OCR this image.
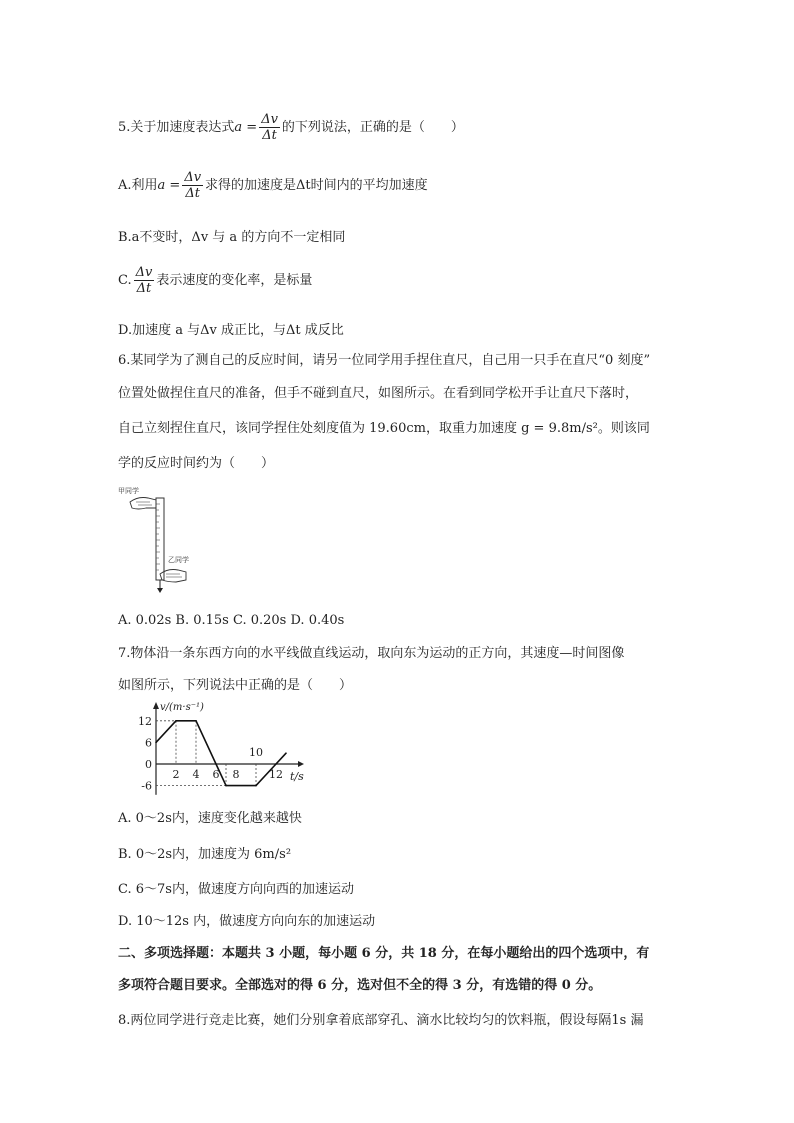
5.关于加速度表达式$a = \frac{\Delta v}{\Delta t}$ 的下列说法，正确的是（　　）
A.利用$a = \frac{\Delta v}{\Delta t}$ 求得的加速度是Δt时间内的平均加速度
B.a不变时，Δv 与 a 的方向不一定相同
C. $\frac{\Delta v}{\Delta t}$ 表示速度的变化率，是标量
D.加速度 a 与Δv 成正比，与Δt 成反比
6.某同学为了测自己的反应时间，请另一位同学用手捏住直尺，自己用一只手在直尺“0 刻度”
位置处做捏住直尺的准备，但手不碰到直尺，如图所示。在看到同学松开手让直尺下落时，
自己立刻捏住直尺，该同学捏住处刻度值为 19.60cm，取重力加速度 g = 9.8m/s²。则该同
学的反应时间约为（　　）
甲同学
乙同学
A. 0.02s B. 0.15s C. 0.20s D. 0.40s
7.物体沿一条东西方向的水平线做直线运动，取向东为运动的正方向，其速度—时间图像
如图所示，下列说法中正确的是（　　）
v/(m·s⁻¹)
t/s
12
6
0
-6
2 4 6 8
10
12
A. 0～2s内，速度变化越来越快
B. 0～2s内，加速度为 6m/s²
C. 6～7s内，做速度方向向西的加速运动
D. 10～12s 内，做速度方向向东的加速运动
二、多项选择题：本题共 3 小题，每小题 6 分，共 18 分，在每小题给出的四个选项中，有
多项符合题目要求。全部选对的得 6 分，选对但不全的得 3 分，有选错的得 0 分。
8.两位同学进行竞走比赛，她们分别拿着底部穿孔、滴水比较均匀的饮料瓶，假设每隔1s 漏
